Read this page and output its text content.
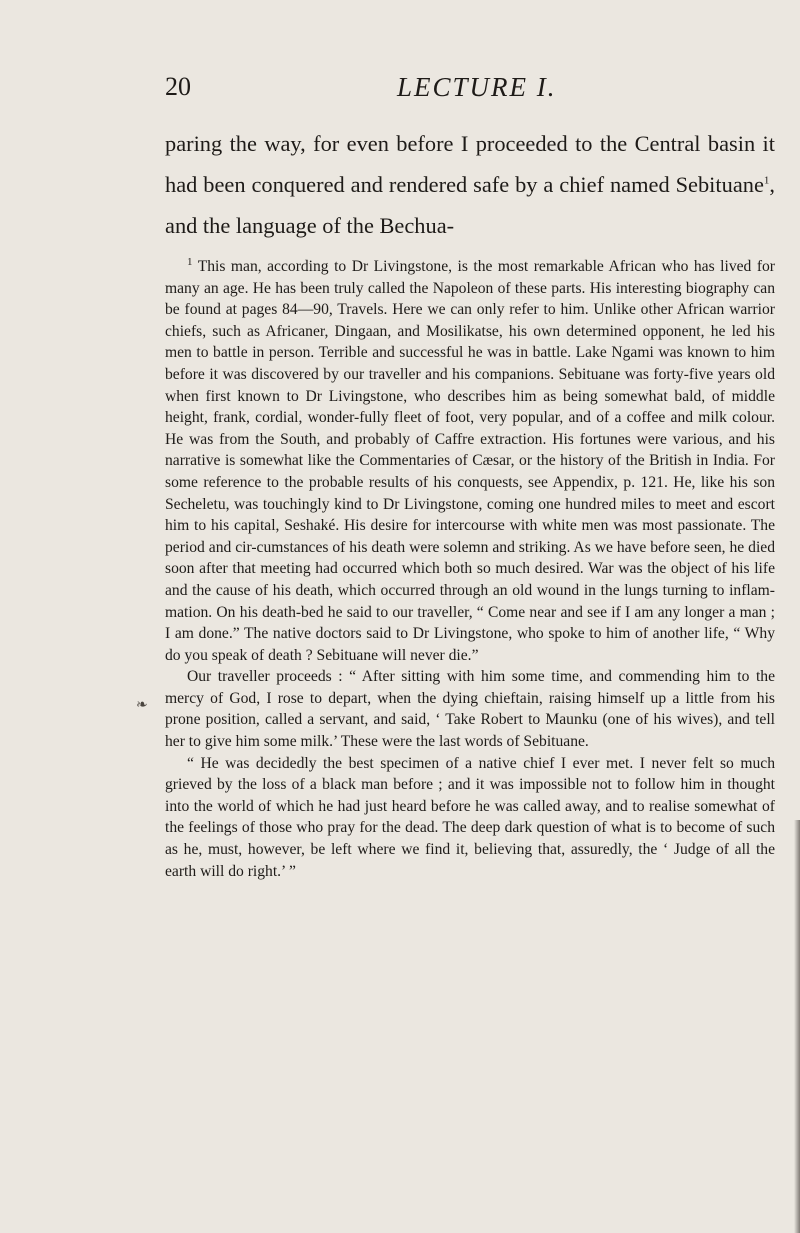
20	LECTURE I.

paring the way, for even before I proceeded to the Central basin it had been conquered and rendered safe by a chief named Sebituane$^1$, and the language of the Bechua-

$^1$ This man, according to Dr Livingstone, is the most remarkable African who has lived for many an age. He has been truly called the Napoleon of these parts. His interesting biography can be found at pages 84—90, Travels. Here we can only refer to him. Unlike other African warrior chiefs, such as Africaner, Dingaan, and Mosilikatse, his own determined opponent, he led his men to battle in person. Terrible and successful he was in battle. Lake Ngami was known to him before it was discovered by our traveller and his companions. Sebituane was forty-five years old when first known to Dr Livingstone, who describes him as being somewhat bald, of middle height, frank, cordial, wonder-fully fleet of foot, very popular, and of a coffee and milk colour. He was from the South, and probably of Caffre extraction. His fortunes were various, and his narrative is somewhat like the Commentaries of Cæsar, or the history of the British in India. For some reference to the probable results of his conquests, see Appendix, p. 121. He, like his son Secheletu, was touchingly kind to Dr Livingstone, coming one hundred miles to meet and escort him to his capital, Seshaké. His desire for intercourse with white men was most passionate. The period and cir-cumstances of his death were solemn and striking. As we have before seen, he died soon after that meeting had occurred which both so much desired. War was the object of his life and the cause of his death, which occurred through an old wound in the lungs turning to inflam-mation. On his death-bed he said to our traveller, “ Come near and see if I am any longer a man ; I am done.” The native doctors said to Dr Livingstone, who spoke to him of another life, “ Why do you speak of death ? Sebituane will never die.”

Our traveller proceeds : “ After sitting with him some time, and commending him to the mercy of God, I rose to depart, when the dying chieftain, raising himself up a little from his prone position, called a servant, and said, ‘ Take Robert to Maunku (one of his wives), and tell her to give him some milk.’ These were the last words of Sebituane.

“ He was decidedly the best specimen of a native chief I ever met. I never felt so much grieved by the loss of a black man before ; and it was impossible not to follow him in thought into the world of which he had just heard before he was called away, and to realise somewhat of the feelings of those who pray for the dead. The deep dark question of what is to become of such as he, must, however, be left where we find it, believing that, assuredly, the ‘ Judge of all the earth will do right.’ ”

❧
